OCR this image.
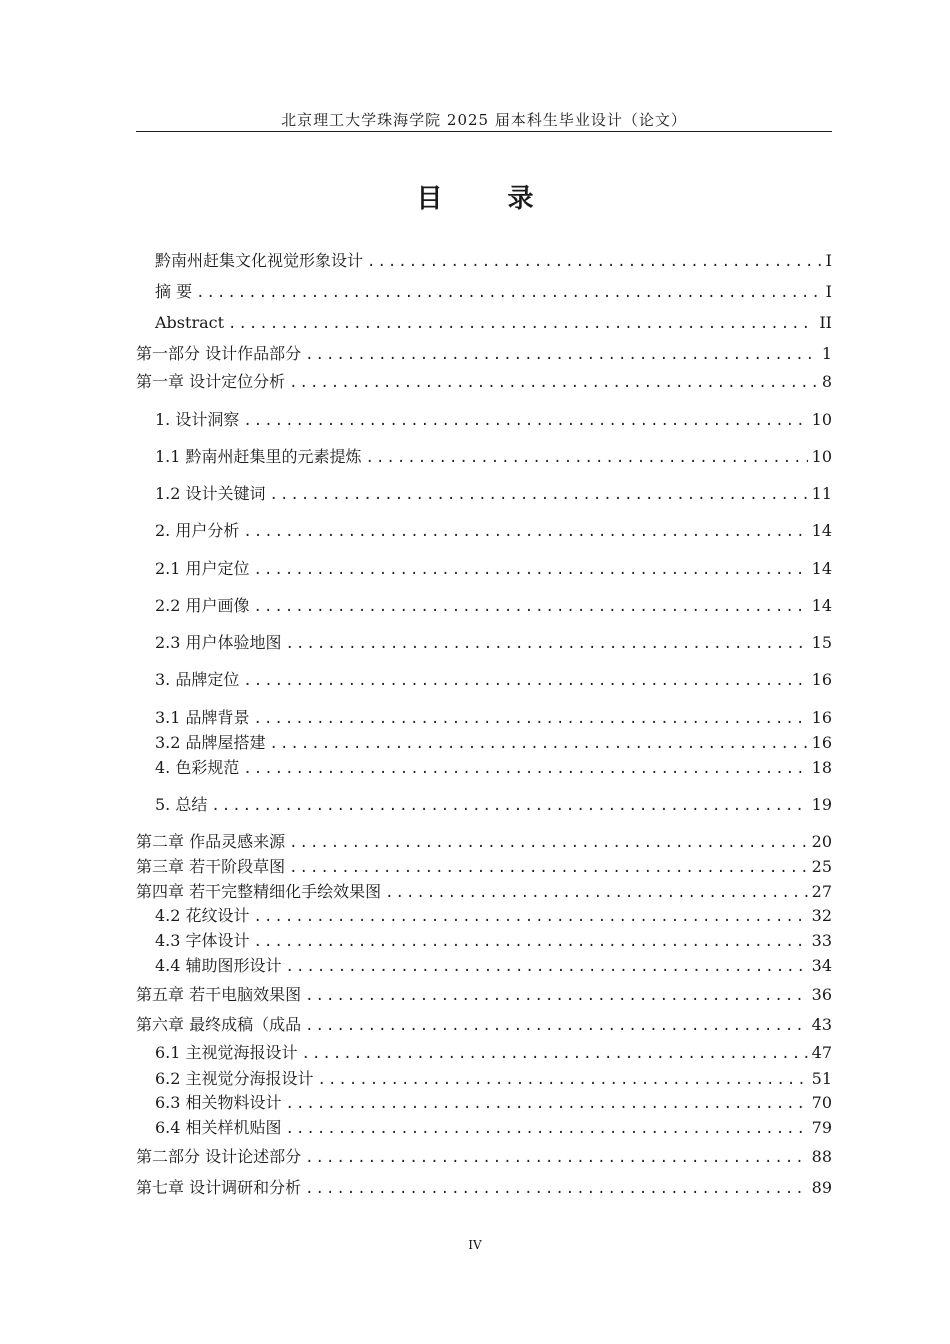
北京理工大学珠海学院 2025 届本科生毕业设计（论文）
目 录
黔南州赶集文化视觉形象设计 .....	I
摘 要 .....	I
Abstract .....	II
第一部分 设计作品部分 .....	1
第一章 设计定位分析 .....	8
1. 设计洞察 .....	10
1.1 黔南州赶集里的元素提炼 .....	10
1.2 设计关键词 .....	11
2. 用户分析 .....	14
2.1 用户定位 .....	14
2.2 用户画像 .....	14
2.3 用户体验地图 .....	15
3. 品牌定位 .....	16
3.1 品牌背景 .....	16
3.2 品牌屋搭建 .....	16
4. 色彩规范 .....	18
5. 总结 .....	19
第二章 作品灵感来源 .....	20
第三章 若干阶段草图 .....	25
第四章 若干完整精细化手绘效果图 .....	27
4.2 花纹设计 .....	32
4.3 字体设计 .....	33
4.4 辅助图形设计 .....	34
第五章 若干电脑效果图 .....	36
第六章 最终成稿（成品 .....	43
6.1 主视觉海报设计 .....	47
6.2 主视觉分海报设计 .....	51
6.3 相关物料设计 .....	70
6.4 相关样机贴图 .....	79
第二部分 设计论述部分 .....	88
第七章 设计调研和分析 .....	89
IV
